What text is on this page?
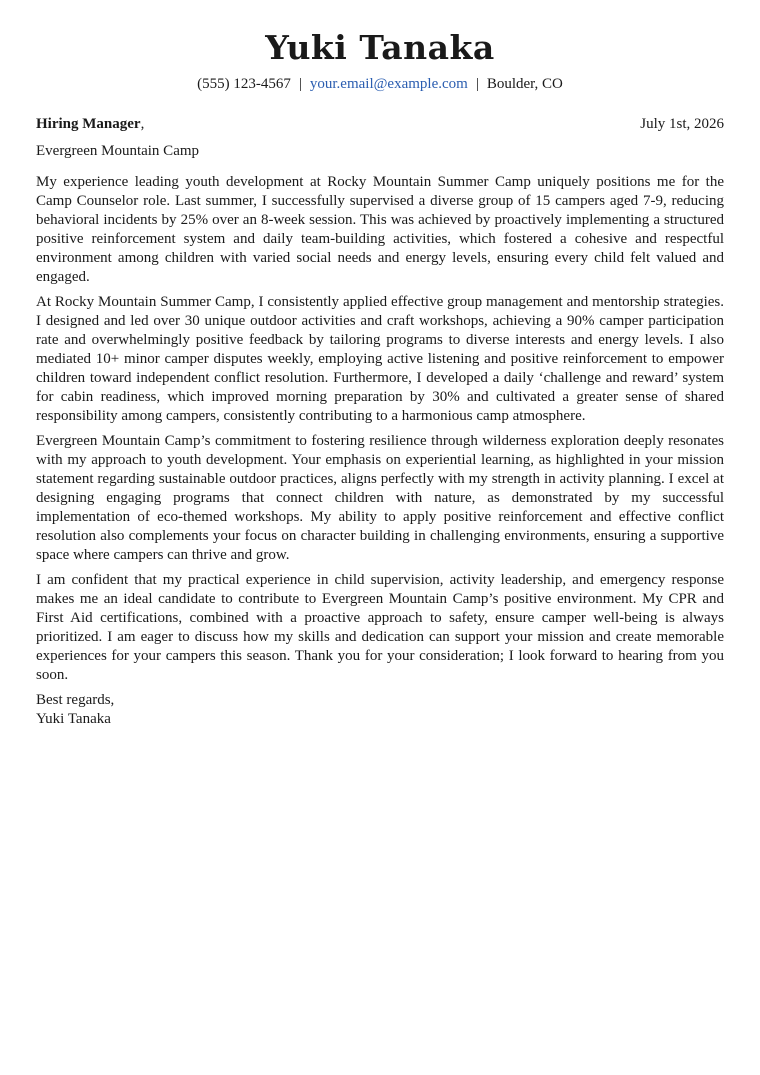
Yuki Tanaka
(555) 123-4567 | your.email@example.com | Boulder, CO
Hiring Manager,	July 1st, 2026
Evergreen Mountain Camp

My experience leading youth development at Rocky Mountain Summer Camp uniquely positions me for the Camp Counselor role. Last summer, I successfully supervised a diverse group of 15 campers aged 7-9, reducing behavioral incidents by 25% over an 8-week session. This was achieved by proactively implementing a structured positive reinforcement system and daily team-building activities, which fostered a cohesive and respectful environment among children with varied social needs and energy levels, ensuring every child felt valued and engaged.

At Rocky Mountain Summer Camp, I consistently applied effective group management and mentorship strategies. I designed and led over 30 unique outdoor activities and craft workshops, achieving a 90% camper participation rate and overwhelmingly positive feedback by tailoring programs to diverse interests and energy levels. I also mediated 10+ minor camper disputes weekly, employing active listening and positive reinforcement to empower children toward independent conflict resolution. Furthermore, I developed a daily ‘challenge and reward’ system for cabin readiness, which improved morning preparation by 30% and cultivated a greater sense of shared responsibility among campers, consistently contributing to a harmonious camp atmosphere.

Evergreen Mountain Camp’s commitment to fostering resilience through wilderness exploration deeply resonates with my approach to youth development. Your emphasis on experiential learning, as highlighted in your mission statement regarding sustainable outdoor practices, aligns perfectly with my strength in activity planning. I excel at designing engaging programs that connect children with nature, as demonstrated by my successful implementation of eco-themed workshops. My ability to apply positive reinforcement and effective conflict resolution also complements your focus on character building in challenging environments, ensuring a supportive space where campers can thrive and grow.

I am confident that my practical experience in child supervision, activity leadership, and emergency response makes me an ideal candidate to contribute to Evergreen Mountain Camp’s positive environment. My CPR and First Aid certifications, combined with a proactive approach to safety, ensure camper well-being is always prioritized. I am eager to discuss how my skills and dedication can support your mission and create memorable experiences for your campers this season. Thank you for your consideration; I look forward to hearing from you soon.

Best regards,
Yuki Tanaka
